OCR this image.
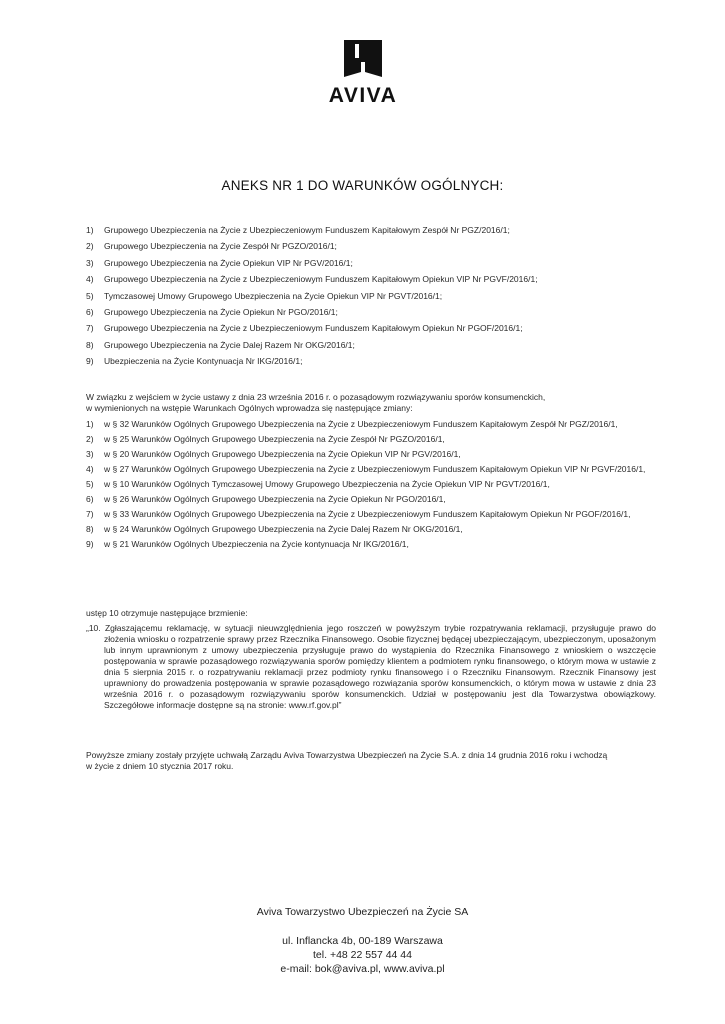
AVIVA
ANEKS NR 1 DO WARUNKÓW OGÓLNYCH:
1) Grupowego Ubezpieczenia na Życie z Ubezpieczeniowym Funduszem Kapitałowym Zespół Nr PGZ/2016/1;
2) Grupowego Ubezpieczenia na Życie Zespół Nr PGZO/2016/1;
3) Grupowego Ubezpieczenia na Życie Opiekun VIP Nr PGV/2016/1;
4) Grupowego Ubezpieczenia na Życie z Ubezpieczeniowym Funduszem Kapitałowym Opiekun VIP Nr PGVF/2016/1;
5) Tymczasowej Umowy Grupowego Ubezpieczenia na Życie Opiekun VIP Nr PGVT/2016/1;
6) Grupowego Ubezpieczenia na Życie Opiekun Nr PGO/2016/1;
7) Grupowego Ubezpieczenia na Życie z Ubezpieczeniowym Funduszem Kapitałowym Opiekun Nr PGOF/2016/1;
8) Grupowego Ubezpieczenia na Życie Dalej Razem Nr OKG/2016/1;
9) Ubezpieczenia na Życie Kontynuacja Nr IKG/2016/1;

W związku z wejściem w życie ustawy z dnia 23 września 2016 r. o pozasądowym rozwiązywaniu sporów konsumenckich,
w wymienionych na wstępie Warunkach Ogólnych wprowadza się następujące zmiany:

1) w § 32 Warunków Ogólnych Grupowego Ubezpieczenia na Życie z Ubezpieczeniowym Funduszem Kapitałowym Zespół Nr PGZ/2016/1,
2) w § 25 Warunków Ogólnych Grupowego Ubezpieczenia na Życie Zespół Nr PGZO/2016/1,
3) w § 20 Warunków Ogólnych Grupowego Ubezpieczenia na Życie Opiekun VIP Nr PGV/2016/1,
4) w § 27 Warunków Ogólnych Grupowego Ubezpieczenia na Życie z Ubezpieczeniowym Funduszem Kapitałowym Opiekun VIP Nr PGVF/2016/1,
5) w § 10 Warunków Ogólnych Tymczasowej Umowy Grupowego Ubezpieczenia na Życie Opiekun VIP Nr PGVT/2016/1,
6) w § 26 Warunków Ogólnych Grupowego Ubezpieczenia na Życie Opiekun Nr PGO/2016/1,
7) w § 33 Warunków Ogólnych Grupowego Ubezpieczenia na Życie z Ubezpieczeniowym Funduszem Kapitałowym Opiekun Nr PGOF/2016/1,
8) w § 24 Warunków Ogólnych Grupowego Ubezpieczenia na Życie Dalej Razem Nr OKG/2016/1,
9) w § 21 Warunków Ogólnych Ubezpieczenia na Życie kontynuacja Nr IKG/2016/1,

ustęp 10 otrzymuje następujące brzmienie:

„10. Zgłaszającemu reklamację, w sytuacji nieuwzględnienia jego roszczeń w powyższym trybie rozpatrywania reklamacji, przysługuje prawo do złożenia wniosku o rozpatrzenie sprawy przez Rzecznika Finansowego. Osobie fizycznej będącej ubezpieczającym, ubezpieczonym, uposażonym lub innym uprawnionym z umowy ubezpieczenia przysługuje prawo do wystąpienia do Rzecznika Finansowego z wnioskiem o wszczęcie postępowania w sprawie pozasądowego rozwiązywania sporów pomiędzy klientem a podmiotem rynku finansowego, o którym mowa w ustawie z dnia 5 sierpnia 2015 r. o rozpatrywaniu reklamacji przez podmioty rynku finansowego i o Rzeczniku Finansowym. Rzecznik Finansowy jest uprawniony do prowadzenia postępowania w sprawie pozasądowego rozwiązania sporów konsumenckich, o którym mowa w ustawie z dnia 23 września 2016 r. o pozasądowym rozwiązywaniu sporów konsumenckich. Udział w postępowaniu jest dla Towarzystwa obowiązkowy. Szczegółowe informacje dostępne są na stronie: www.rf.gov.pl”

Powyższe zmiany zostały przyjęte uchwałą Zarządu Aviva Towarzystwa Ubezpieczeń na Życie S.A. z dnia 14 grudnia 2016 roku i wchodzą
w życie z dniem 10 stycznia 2017 roku.

Aviva Towarzystwo Ubezpieczeń na Życie SA
ul. Inflancka 4b, 00-189 Warszawa
tel. +48 22 557 44 44
e-mail: bok@aviva.pl, www.aviva.pl
